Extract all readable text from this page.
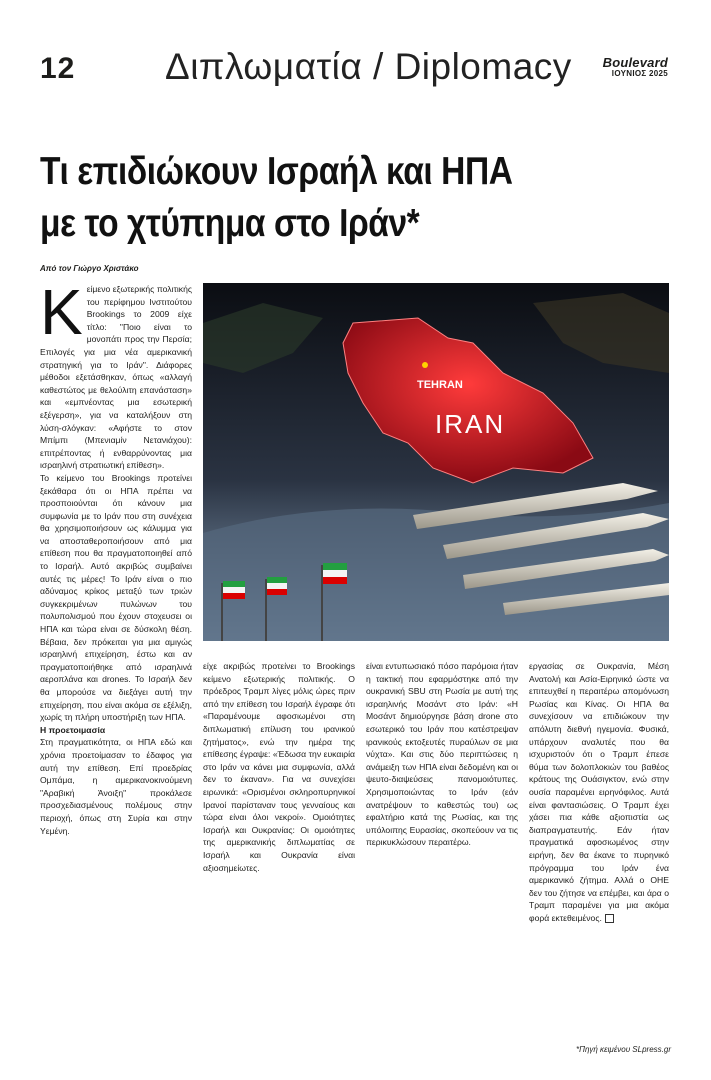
12 Διπλωματία / Diplomacy Boulevard
ΙΟΥΝΙΟΣ 2025
Τι επιδιώκουν Ισραήλ και ΗΠΑ
με το χτύπημα στο Ιράν*
Από τον Γιώργο Χριστάκο
Κ είμενο εξωτερικής πολιτικής του περίφημου Ινστιτούτου Brookings το 2009 είχε τίτλο: "Ποιο είναι το μονοπάτι προς την Περσία; Επιλογές για μια νέα αμερικανική στρατηγική για το Ιράν". Διάφορες μέθοδοι εξετάσθηκαν, όπως «αλλαγή καθεστώτος με θελούλιτη επανάσταση» και «εμπνέοντας μια εσωτερική εξέγερση», για να καταλήξουν στη λύση-σλόγκαν: «Αφήστε το στον Μπίμπι (Μπενιαμίν Νετανιάχου): επιτρέποντας ή ενθαρρύνοντας μια ισραηλινή στρατιωτική επίθεση».

Το κείμενο του Brookings προτείνει ξεκάθαρα ότι οι ΗΠΑ πρέπει να προσποιούνται ότι κάνουν μια συμφωνία με το Ιράν που στη συνέχεια θα χρησιμοποιήσουν ως κάλυμμα για να αποσταθεροποιήσουν από μια επίθεση που θα πραγματοποιηθεί από το Ισραήλ. Αυτό ακριβώς συμβαίνει αυτές τις μέρες! Το Ιράν είναι ο πιο αδύναμος κρίκος μεταξύ των τριών συγκεκριμένων πυλώνων του πολυπολισμού που έχουν στοχευσει οι ΗΠΑ και τώρα είναι σε δύσκολη θέση. Βέβαια, δεν πρόκειται για μια αμιγώς ισραηλινή επιχείρηση, έστω και αν πραγματοποιήθηκε από ισραηλινά αεροπλάνα και drones. Το Ισραήλ δεν θα μπορούσε να διεξάγει αυτή την επιχείρηση, που είναι ακόμα σε εξέλιξη, χωρίς τη πλήρη υποστήριξη των ΗΠΑ.

Η προετοιμασία

Στη πραγματικότητα, οι ΗΠΑ εδώ και χρόνια προετοίμασαν το έδαφος για αυτή την επίθεση. Επί προεδρίας Ομπάμα, η αμερικανοκινούμενη "Αραβική Άνοιξη" προκάλεσε προσχεδιασμένους πολέμους στην περιοχή, όπως στη Συρία και στην Υεμένη.

TEHRAN
IRAN

είχε ακριβώς προτείνει το Brookings κείμενο εξωτερικής πολιτικής. Ο πρόεδρος Τραμπ λίγες μόλις ώρες πριν από την επίθεση του Ισραήλ έγραφε ότι «Παραμένουμε αφοσιωμένοι στη διπλωματική επίλυση του ιρανικού ζητήματος», ενώ την ημέρα της επίθεσης έγραψε: «Έδωσα την ευκαιρία στο Ιράν να κάνει μια συμφωνία, αλλά δεν το έκαναν». Για να συνεχίσει ειρωνικά: «Ορισμένοι σκληροπυρηνικοί Ιρανοί παρίσταναν τους γενναίους και τώρα είναι όλοι νεκροί». Ομοιότητες Ισραήλ και Ουκρανίας: Οι ομοιότητες της αμερικανικής διπλωματίας σε Ισραήλ και Ουκρανία είναι αξιοσημείωτες.

είναι εντυπωσιακό πόσο παρόμοια ήταν η τακτική που εφαρμόστηκε από την ουκρανική SBU στη Ρωσία με αυτή της ισραηλινής Μοσάντ στο Ιράν: «Η Μοσάντ δημιούργησε βάση drone στο εσωτερικό του Ιράν που κατέστρεψαν ιρανικούς εκτοξευτές πυραύλων σε μια νύχτα». Και στις δύο περιπτώσεις η ανάμειξη των ΗΠΑ είναι δεδομένη και οι ψευτο-διαψεύσεις πανομοιότυπες. Χρησιμοποιώντας το Ιράν (εάν ανατρέψουν το καθεστώς του) ως εφαλτήριο κατά της Ρωσίας, και της υπόλοιπης Ευρασίας, σκοπεύουν να τις περικυκλώσουν περαιτέρω.

εργασίας σε Ουκρανία, Μέση Ανατολή και Ασία-Ειρηνικό ώστε να επιτευχθεί η περαιτέρω απομόνωση Ρωσίας και Κίνας. Οι ΗΠΑ θα συνεχίσουν να επιδιώκουν την απόλυτη διεθνή ηγεμονία. Φυσικά, υπάρχουν αναλυτές που θα ισχυριστούν ότι ο Τραμπ έπεσε θύμα των δολοπλοκιών του βαθέος κράτους της Ουάσιγκτον, ενώ στην ουσία παραμένει ειρηνόφιλος. Αυτά είναι φαντασιώσεις. Ο Τραμπ έχει χάσει πια κάθε αξιοπιστία ως διαπραγματευτής. Εάν ήταν πραγματικά αφοσιωμένος στην ειρήνη, δεν θα έκανε το πυρηνικό πρόγραμμα του Ιράν ένα αμερικανικό ζήτημα. Αλλά ο ΟΗΕ δεν του ζήτησε να επέμβει, και άρα ο Τραμπ παραμένει για μια ακόμα φορά εκτεθειμένος.

*Πηγή κειμένου SLpress.gr
